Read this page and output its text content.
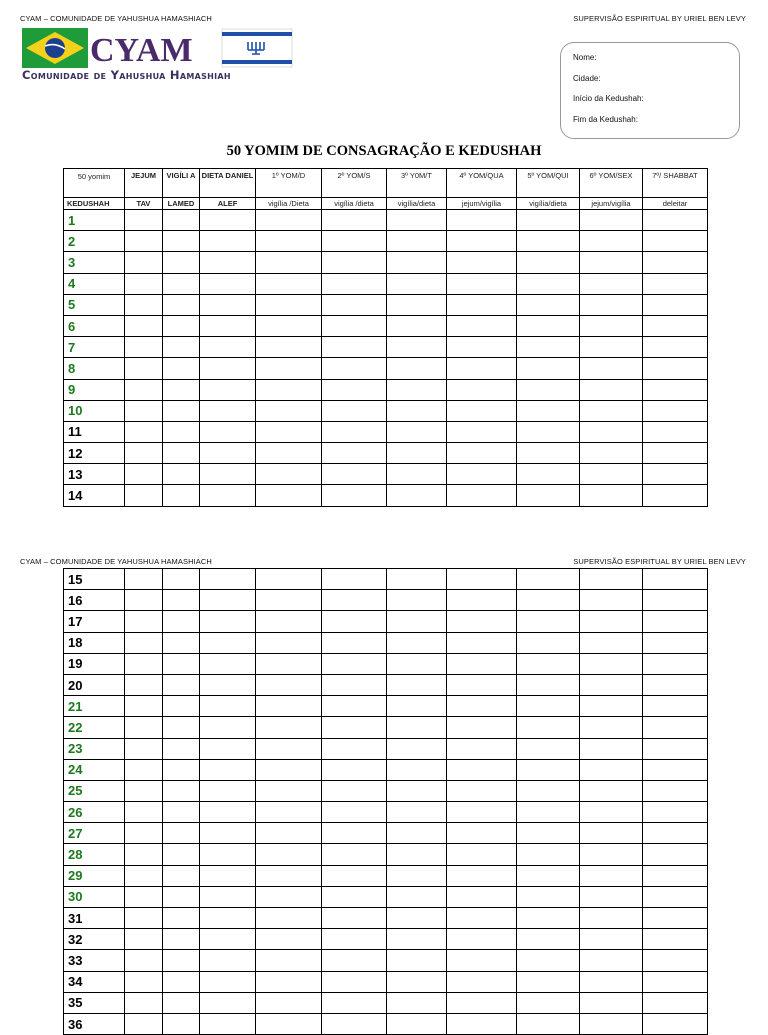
CYAM – COMUNIDADE DE YAHUSHUA HAMASHIACH	SUPERVISÃO ESPIRITUAL BY URIEL BEN LEVY
CYAM
Comunidade de Yahushua Hamashiah
Nome:
Cidade:
Início da Kedushah:
Fim da Kedushah:
50 YOMIM DE CONSAGRAÇÃO E KEDUSHAH
50 yomim	JEJUM	VIGÍLI A	DIETA DANIEL	1º YOM/D	2º YOM/S	3º Y0M/T	4º YOM/QUA	5º YOM/QUI	6º YOM/SEX	7º/ SHABBAT
KEDUSHAH	TAV	LAMED	ALEF	vigília /Dieta	vigília /dieta	vigília/dieta	jejum/vigília	vigília/dieta	jejum/vigília	deleitar
1										
2										
3										
4										
5										
6										
7										
8										
9										
10										
11										
12										
13										
14										
CYAM – COMUNIDADE DE YAHUSHUA HAMASHIACH	SUPERVISÃO ESPIRITUAL BY URIEL BEN LEVY
15										
16										
17										
18										
19										
20										
21										
22										
23										
24										
25										
26										
27										
28										
29										
30										
31										
32										
33										
34										
35										
36										
